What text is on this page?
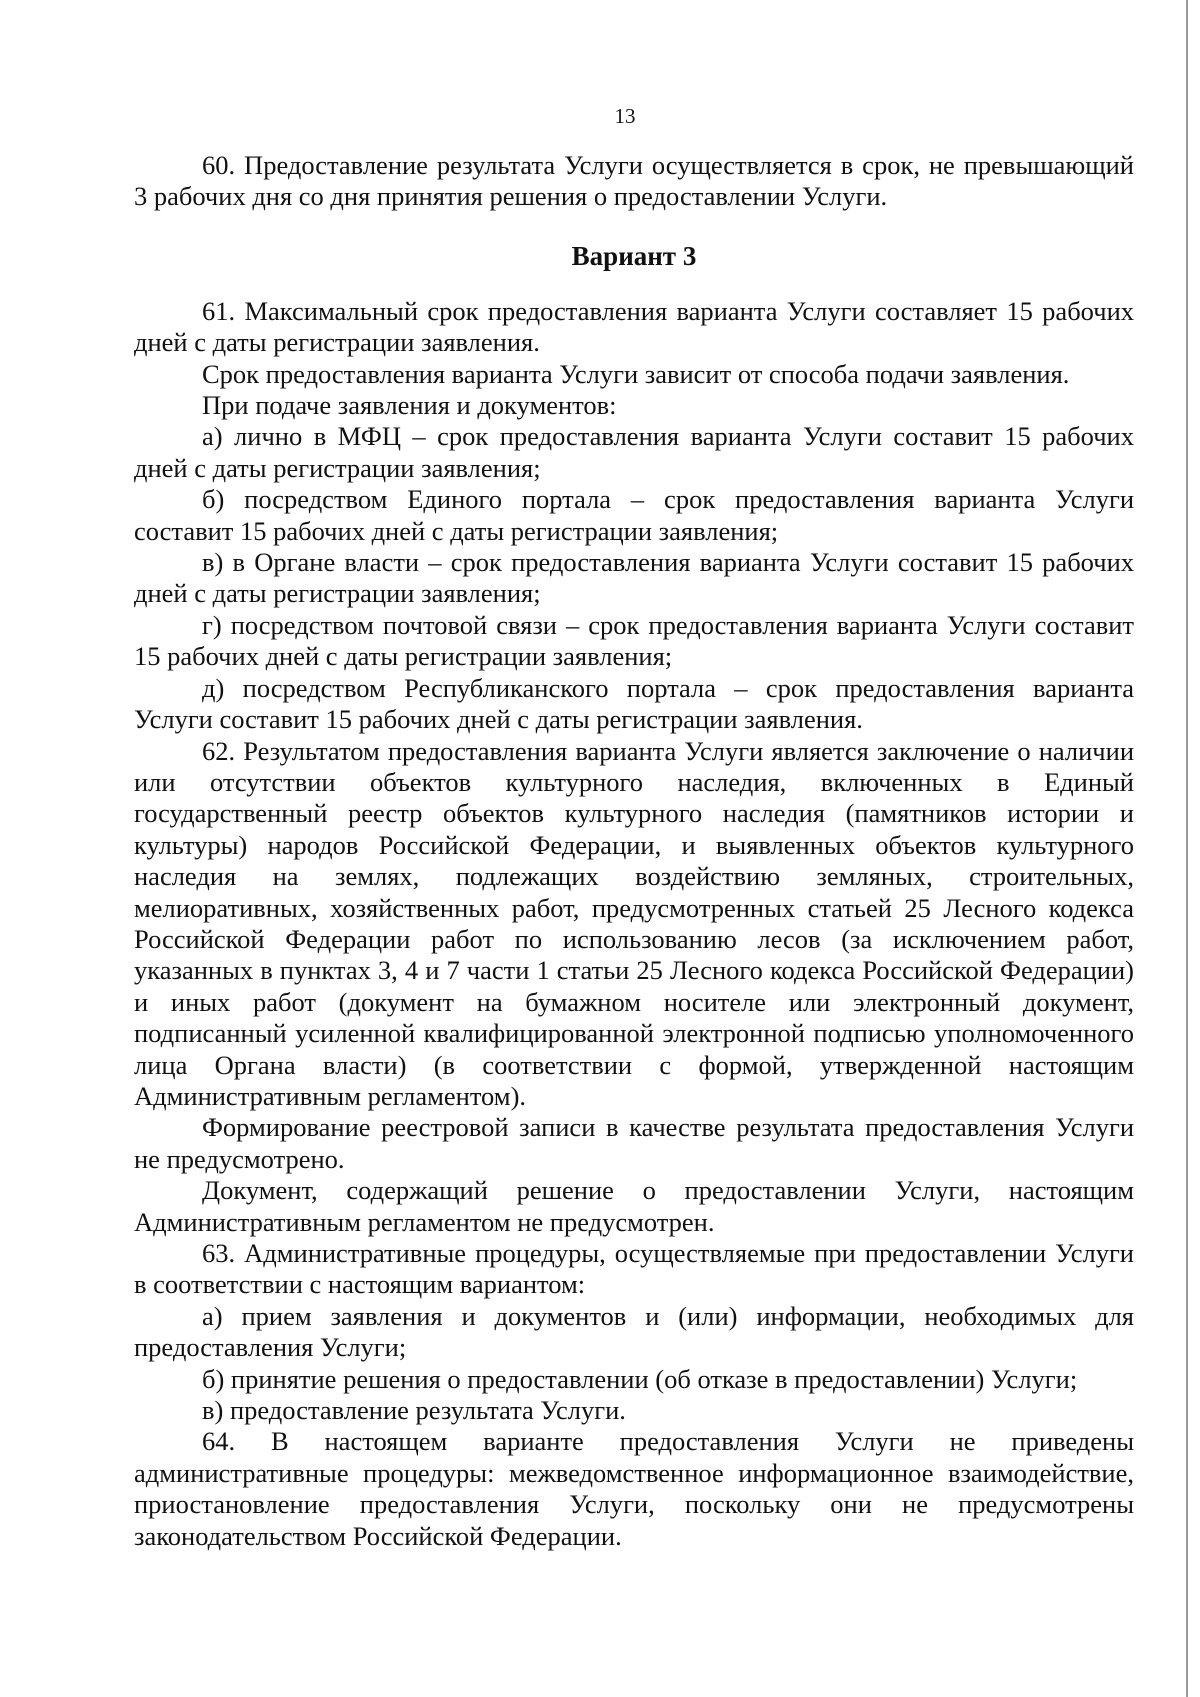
13

60. Предоставление результата Услуги осуществляется в срок, не превышающий 3 рабочих дня со дня принятия решения о предоставлении Услуги.

Вариант 3

61. Максимальный срок предоставления варианта Услуги составляет 15 рабочих дней с даты регистрации заявления.

Срок предоставления варианта Услуги зависит от способа подачи заявления.

При подаче заявления и документов:

а) лично в МФЦ – срок предоставления варианта Услуги составит 15 рабочих дней с даты регистрации заявления;

б) посредством Единого портала – срок предоставления варианта Услуги составит 15 рабочих дней с даты регистрации заявления;

в) в Органе власти – срок предоставления варианта Услуги составит 15 рабочих дней с даты регистрации заявления;

г) посредством почтовой связи – срок предоставления варианта Услуги составит 15 рабочих дней с даты регистрации заявления;

д) посредством Республиканского портала – срок предоставления варианта Услуги составит 15 рабочих дней с даты регистрации заявления.

62. Результатом предоставления варианта Услуги является заключение о наличии или отсутствии объектов культурного наследия, включенных в Единый государственный реестр объектов культурного наследия (памятников истории и культуры) народов Российской Федерации, и выявленных объектов культурного наследия на землях, подлежащих воздействию земляных, строительных, мелиоративных, хозяйственных работ, предусмотренных статьей 25 Лесного кодекса Российской Федерации работ по использованию лесов (за исключением работ, указанных в пунктах 3, 4 и 7 части 1 статьи 25 Лесного кодекса Российской Федерации) и иных работ (документ на бумажном носителе или электронный документ, подписанный усиленной квалифицированной электронной подписью уполномоченного лица Органа власти) (в соответствии с формой, утвержденной настоящим Административным регламентом).

Формирование реестровой записи в качестве результата предоставления Услуги не предусмотрено.

Документ, содержащий решение о предоставлении Услуги, настоящим Административным регламентом не предусмотрен.

63. Административные процедуры, осуществляемые при предоставлении Услуги в соответствии с настоящим вариантом:

а) прием заявления и документов и (или) информации, необходимых для предоставления Услуги;

б) принятие решения о предоставлении (об отказе в предоставлении) Услуги;

в) предоставление результата Услуги.

64. В настоящем варианте предоставления Услуги не приведены административные процедуры: межведомственное информационное взаимодействие, приостановление предоставления Услуги, поскольку они не предусмотрены законодательством Российской Федерации.
